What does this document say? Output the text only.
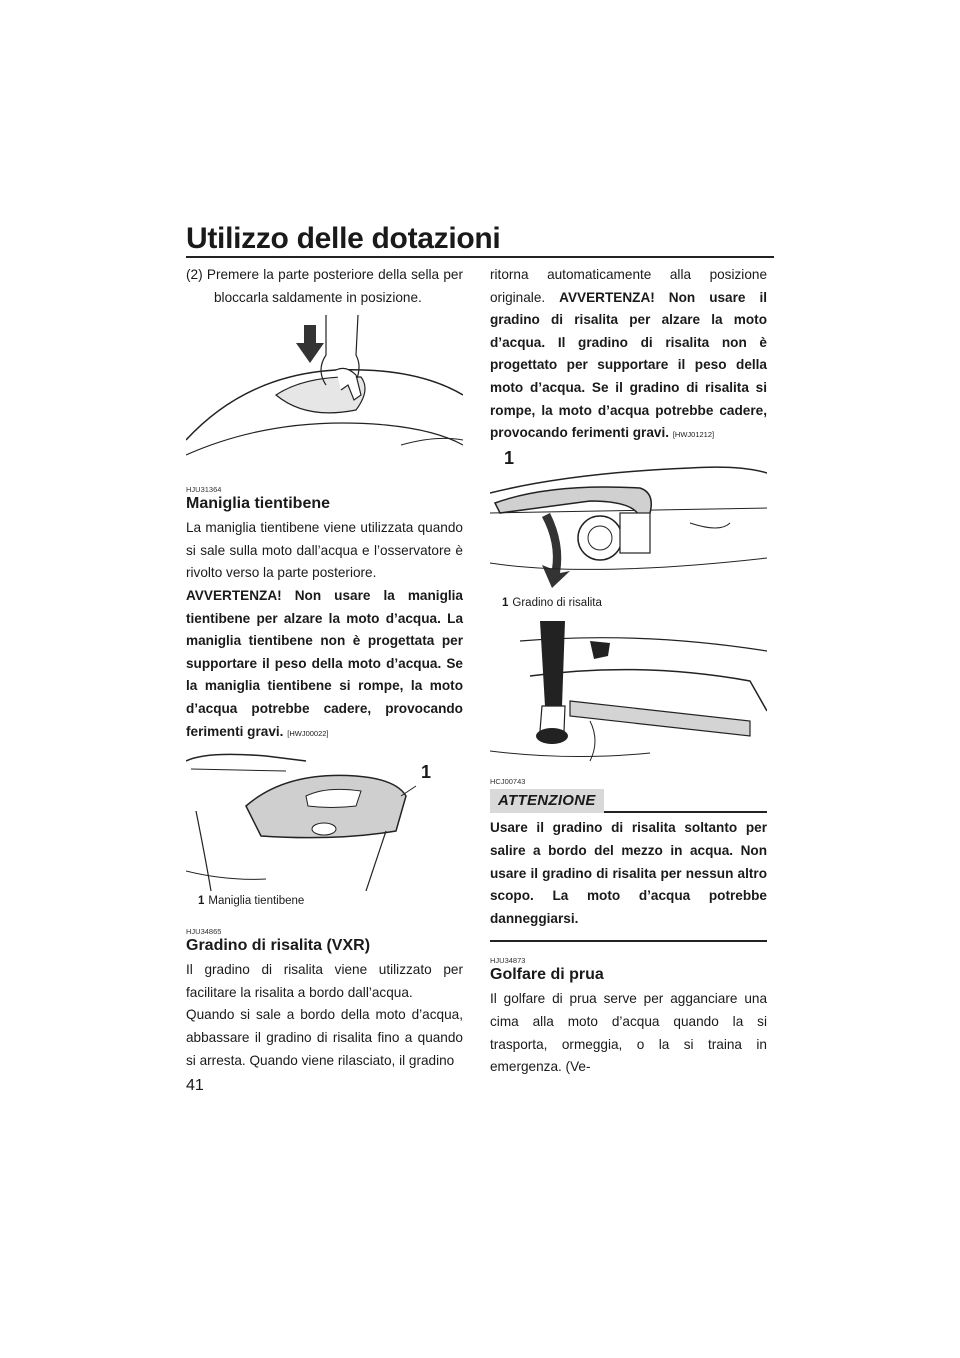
Utilizzo delle dotazioni

(2) Premere la parte posteriore della sella per bloccarla saldamente in posizione.

HJU31364
Maniglia tientibene

La maniglia tientibene viene utilizzata quando si sale sulla moto dall’acqua e l’osservatore è rivolto verso la parte posteriore.

AVVERTENZA! Non usare la maniglia tientibene per alzare la moto d’acqua. La maniglia tientibene non è progettata per supportare il peso della moto d’acqua. Se la maniglia tientibene si rompe, la moto d’acqua potrebbe cadere, provocando ferimenti gravi. [HWJ00022]

1
1 Maniglia tientibene
HJU34865
Gradino di risalita (VXR)

Il gradino di risalita viene utilizzato per facilitare la risalita a bordo dall’acqua.

Quando si sale a bordo della moto d’acqua, abbassare il gradino di risalita fino a quando si arresta. Quando viene rilasciato, il gradino

ritorna automaticamente alla posizione originale. AVVERTENZA! Non usare il gradino di risalita per alzare la moto d’acqua. Il gradino di risalita non è progettato per supportare il peso della moto d’acqua. Se il gradino di risalita si rompe, la moto d’acqua potrebbe cadere, provocando ferimenti gravi. [HWJ01212]

1
1 Gradino di risalita
HCJ00743
ATTENZIONE

Usare il gradino di risalita soltanto per salire a bordo del mezzo in acqua. Non usare il gradino di risalita per nessun altro scopo. La moto d’acqua potrebbe danneggiarsi.

HJU34873
Golfare di prua

Il golfare di prua serve per agganciare una cima alla moto d’acqua quando la si trasporta, ormeggia, o la si traina in emergenza. (Ve-

41
